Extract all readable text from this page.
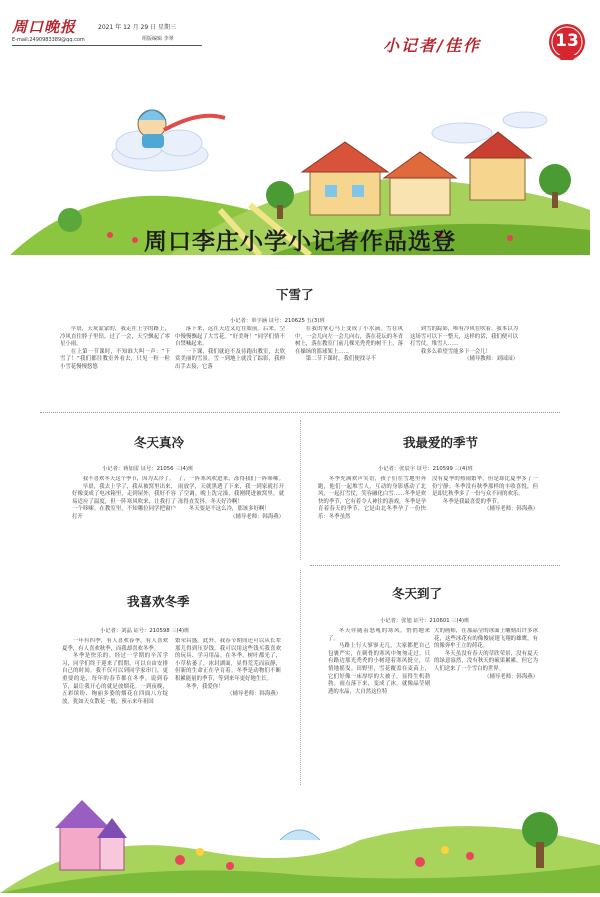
周口晚报	2021 年 12 月 29 日 星期三
E-mail:2490983389@qq.com	组版编辑 李翠	小记者/佳作	13
周口李庄小学小记者作品选登
下雪了
小记者：单宇涵 证号：210625 五(3)班

早晨，天灰蒙蒙的，我走在上学的路上，冷风直往脖子里钻，过了一会，天空飘起了零星小雨。

在上第一节课时，不知谁大叫一声：“下雪了！”我们都往教室外看去，只见一粒一粒小雪花慢慢悠悠

落下来，远在天边又近在眼前。后来，空中慢慢飘起了大雪花。“好美呀！”同学们情不自禁喊起来。

一下课，我们就迫不及待跑出教室，去欣赏美丽的雪景。雪一到地上就没了踪影，我伸出手去接，它落

在我的掌心马上变成了小水滴。雪在风中，一会儿向左一会儿向右，落在花坛的冬青树上，落在教室门前几棵光秃秃的树干上，落在操场的篮球架上……

第二节下课时，我们便找寻不

到雪的踪影，唯有冷风在吹着。我本以为这场雪可以下一整天，这样的话，我们便可以打雪仗，堆雪人……

我多么希望雪能多下一会儿！

（辅导教师：刘园园）

冬天真冷
小记者：蒋加雷 证号：21056 三(4)班

我不喜欢冬天这个季节，因为太冷了。

早晨，我去上学了，我从被窝里出来，好像变成了电冰箱里，走到屋外，我好不容易适应了温度，但一阵寒风吹来，让我打了一个哆嗦。在教室里，不知哪位同学把窗户打开

了，一阵寒风吹进来，冻得我们一阵哆嗦。雨放学，天就黑透了下来，我一到家就打开了空调。晚上洗完澡，我刚爬进被窝里，就冻得直发抖。冬天好冷啊！

冬天要是不这么冷，那该多好啊！

（辅导老师：韩海燕）

我最爱的季节
小记者：张辰宇 证号：210599 三(4)班

冬季充满欢声笑语，孩子们在雪地里奔跑，他们一起堆雪人，互动的身影感动了北风，一起打雪仗，笑容融化白雪……冬季是欢快的季节，它有着令人神往的游戏，冬季是孕育着春天的季节，它是由北冬季孕了一份快乐：冬季虽然

没有夏季的热闹繁华，但是却比夏季多了一份宁静；冬季没有秋季那样的丰收喜悦，但是却比秋季多了一份与众不同的欢乐。

冬季是我最喜爱的季节。

（辅导老师：韩海燕）

我喜欢冬季
小记者：刘晶 证号：210598 三(4)班

一年有四季，有人喜欢春季，有人喜欢夏季，有人喜欢秋季，而我却喜欢冬季。

冬季是快乐的。经过一学期的辛苦学习，同学们终于迎来了假期，可以自由安排自己的时间。我不仅可以到同学家串门，更重要的是，每年的春节都在冬季。说到春节，最让我开心的就是放烟花。一到夜晚，五彩缤纷、绚丽多姿的烟花在四面八方绽放，犹如天女散花一般，预示来年祖国

繁荣昌盛。此外，我春节期间还可以从长辈那儿得到压岁钱。我可以用这些钱买我喜欢的玩具、学习用品。在冬季，树叶都光了，小草枯萎了，冰封湖面，显得荒芜而寂静，但新的生命正在孕育着。冬季是动物们不断积累能量的季节，等到来年更好地生长。

冬季，我爱你！

（辅导老师：韩海燕）

冬天到了
小记者：张旭 证号：210601 三(4)班

冬天伴随着怒吼的寒风，悄悄地来了。

马路上行人寥寥无几，大家都把自己包裹严实，在刺骨的寒风中匆匆走过。只有路边那光秃秃的小树迎着寒风挺立，尽情地摇曳。田野里，雪花覆盖在麦苗上，它们好像一床厚厚的大被子，显得生机勃勃。雨点落下来，变成了冰，就像晶莹剔透的水晶，大自然这位特

大的画师，在那晶莹的冰面上雕刻出许多冰花，这些冰花有的像俊展翅飞翔的雄鹰，有的像奔牟王立的荷花。

冬天虽没有春天的草欣荣景，没有夏天的绿意盎然，没有秋天的硕果累累，但它为人们送来了一个雪白的世界。

（辅导老师：韩海燕）
